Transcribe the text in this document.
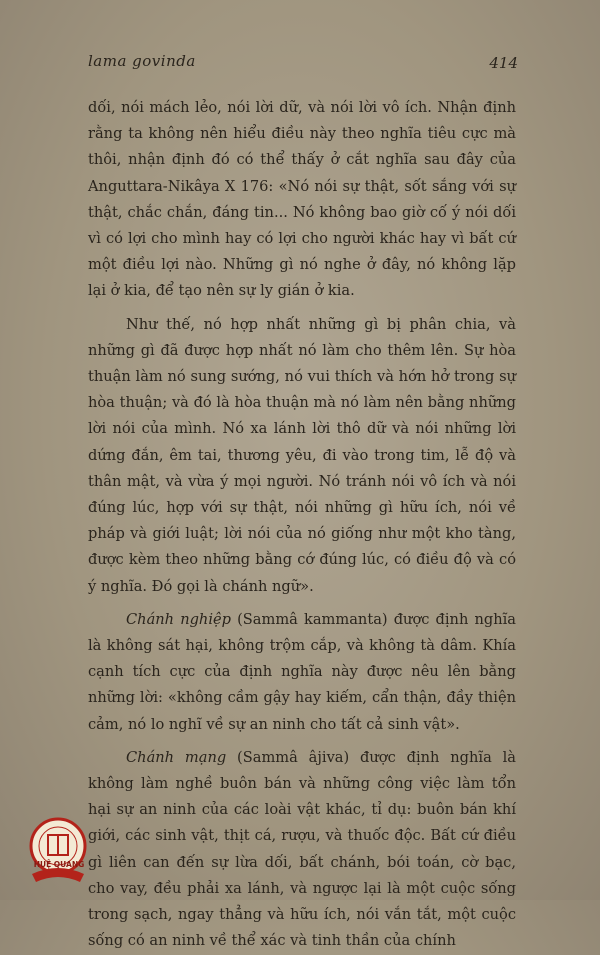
lama govinda	414

dối, nói mách lẻo, nói lời dữ, và nói lời vô ích. Nhận định rằng ta không nên hiểu điều này theo nghĩa tiêu cực mà thôi, nhận định đó có thể thấy ở cắt nghĩa sau đây của Anguttara-Nikâya X 176: «Nó nói sự thật, sốt sắng với sự thật, chắc chắn, đáng tin... Nó không bao giờ cố ý nói dối vì có lợi cho mình hay có lợi cho người khác hay vì bất cứ một điều lợi nào. Những gì nó nghe ở đây, nó không lặp lại ở kia, để tạo nên sự ly gián ở kia.

Như thế, nó hợp nhất những gì bị phân chia, và những gì đã được hợp nhất nó làm cho thêm lên. Sự hòa thuận làm nó sung sướng, nó vui thích và hớn hở trong sự hòa thuận; và đó là hòa thuận mà nó làm nên bằng những lời nói của mình. Nó xa lánh lời thô dữ và nói những lời dứng đắn, êm tai, thương yêu, đi vào trong tim, lễ độ và thân mật, và vừa ý mọi người. Nó tránh nói vô ích và nói đúng lúc, hợp với sự thật, nói những gì hữu ích, nói về pháp và giới luật; lời nói của nó giống như một kho tàng, được kèm theo những bằng cớ đúng lúc, có điều độ và có ý nghĩa. Đó gọi là chánh ngữ».

Chánh nghiệp (Sammâ kammanta) được định nghĩa là không sát hại, không trộm cắp, và không tà dâm. Khía cạnh tích cực của định nghĩa này được nêu lên bằng những lời: «không cầm gậy hay kiếm, cẩn thận, đầy thiện cảm, nó lo nghĩ về sự an ninh cho tất cả sinh vật».

Chánh mạng (Sammâ âjiva) được định nghĩa là không làm nghề buôn bán và những công việc làm tổn hại sự an ninh của các loài vật khác, tỉ dụ: buôn bán khí giới, các sinh vật, thịt cá, rượu, và thuốc độc. Bất cứ điều gì liên can đến sự lừa dối, bất chánh, bói toán, cờ bạc, cho vay, đều phải xa lánh, và ngược lại là một cuộc sống trong sạch, ngay thẳng và hữu ích, nói vắn tắt, một cuộc sống có an ninh về thể xác và tinh thần của chính

HUỆ QUANG
